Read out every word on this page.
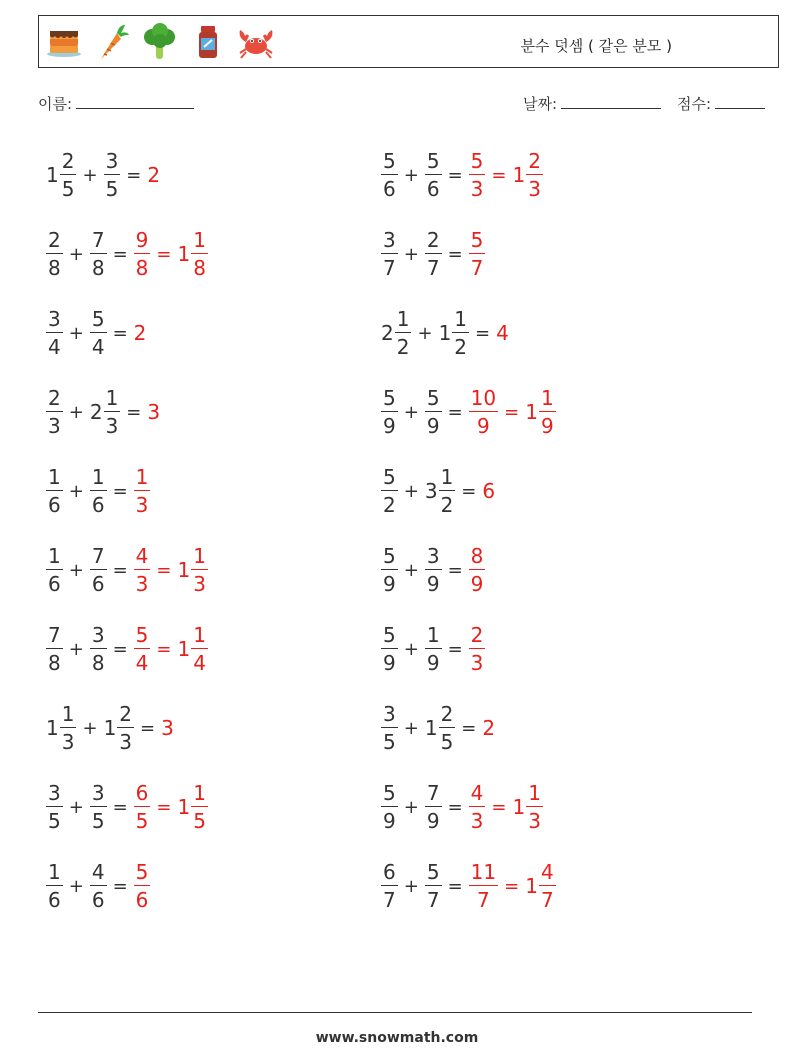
분수 덧셈 ( 같은 분모 )
이름:	날짜:	점수:
$1 \frac{2}{5} + \frac{3}{5} = 2$	$\frac{5}{6} + \frac{5}{6} = \frac{5}{3} = 1 \frac{2}{3}$
$\frac{2}{8} + \frac{7}{8} = \frac{9}{8} = 1 \frac{1}{8}$	$\frac{3}{7} + \frac{2}{7} = \frac{5}{7}$
$\frac{3}{4} + \frac{5}{4} = 2$	$2 \frac{1}{2} + 1 \frac{1}{2} = 4$
$\frac{2}{3} + 2 \frac{1}{3} = 3$	$\frac{5}{9} + \frac{5}{9} = \frac{10}{9} = 1 \frac{1}{9}$
$\frac{1}{6} + \frac{1}{6} = \frac{1}{3}$	$\frac{5}{2} + 3 \frac{1}{2} = 6$
$\frac{1}{6} + \frac{7}{6} = \frac{4}{3} = 1 \frac{1}{3}$	$\frac{5}{9} + \frac{3}{9} = \frac{8}{9}$
$\frac{7}{8} + \frac{3}{8} = \frac{5}{4} = 1 \frac{1}{4}$	$\frac{5}{9} + \frac{1}{9} = \frac{2}{3}$
$1 \frac{1}{3} + 1 \frac{2}{3} = 3$	$\frac{3}{5} + 1 \frac{2}{5} = 2$
$\frac{3}{5} + \frac{3}{5} = \frac{6}{5} = 1 \frac{1}{5}$	$\frac{5}{9} + \frac{7}{9} = \frac{4}{3} = 1 \frac{1}{3}$
$\frac{1}{6} + \frac{4}{6} = \frac{5}{6}$	$\frac{6}{7} + \frac{5}{7} = \frac{11}{7} = 1 \frac{4}{7}$
www.snowmath.com
